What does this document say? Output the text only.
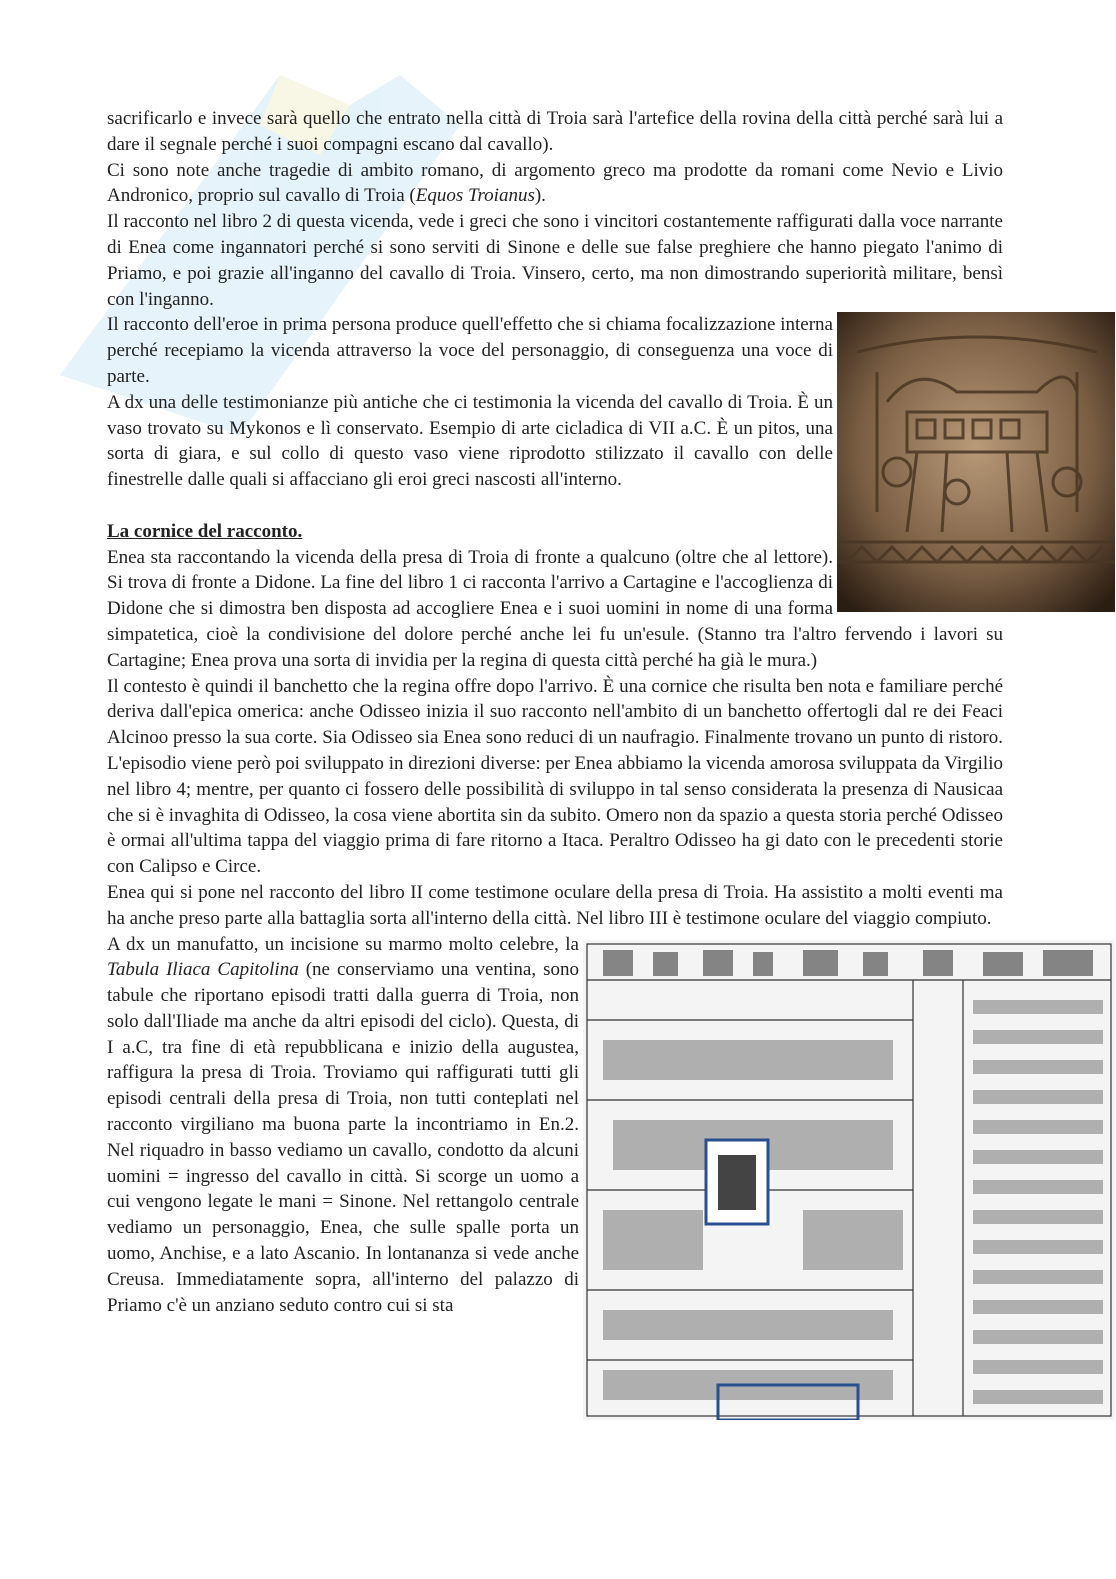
sacrificarlo e invece sarà quello che entrato nella città di Troia sarà l'artefice della rovina della città perché sarà lui a dare il segnale perché i suoi compagni escano dal cavallo).

Ci sono note anche tragedie di ambito romano, di argomento greco ma prodotte da romani come Nevio e Livio Andronico, proprio sul cavallo di Troia (Equos Troianus).

Il racconto nel libro 2 di questa vicenda, vede i greci che sono i vincitori costantemente raffigurati dalla voce narrante di Enea come ingannatori perché si sono serviti di Sinone e delle sue false preghiere che hanno piegato l'animo di Priamo, e poi grazie all'inganno del cavallo di Troia. Vinsero, certo, ma non dimostrando superiorità militare, bensì con l'inganno.

Il racconto dell'eroe in prima persona produce quell'effetto che si chiama focalizzazione interna perché recepiamo la vicenda attraverso la voce del personaggio, di conseguenza una voce di parte.

A dx una delle testimonianze più antiche che ci testimonia la vicenda del cavallo di Troia. È un vaso trovato su Mykonos e lì conservato. Esempio di arte cicladica di VII a.C. È un pitos, una sorta di giara, e sul collo di questo vaso viene riprodotto stilizzato il cavallo con delle finestrelle dalle quali si affacciano gli eroi greci nascosti all'interno.

La cornice del racconto.

Enea sta raccontando la vicenda della presa di Troia di fronte a qualcuno (oltre che al lettore). Si trova di fronte a Didone. La fine del libro 1 ci racconta l'arrivo a Cartagine e l'accoglienza di Didone che si dimostra ben disposta ad accogliere Enea e i suoi uomini in nome di una forma simpatetica, cioè la condivisione del dolore perché anche lei fu un'esule. (Stanno tra l'altro fervendo i lavori su Cartagine; Enea prova una sorta di invidia per la regina di questa città perché ha già le mura.)

Il contesto è quindi il banchetto che la regina offre dopo l'arrivo. È una cornice che risulta ben nota e familiare perché deriva dall'epica omerica: anche Odisseo inizia il suo racconto nell'ambito di un banchetto offertogli dal re dei Feaci Alcinoo presso la sua corte. Sia Odisseo sia Enea sono reduci di un naufragio. Finalmente trovano un punto di ristoro. L'episodio viene però poi sviluppato in direzioni diverse: per Enea abbiamo la vicenda amorosa sviluppata da Virgilio nel libro 4; mentre, per quanto ci fossero delle possibilità di sviluppo in tal senso considerata la presenza di Nausicaa che si è invaghita di Odisseo, la cosa viene abortita sin da subito. Omero non da spazio a questa storia perché Odisseo è ormai all'ultima tappa del viaggio prima di fare ritorno a Itaca. Peraltro Odisseo ha gi dato con le precedenti storie con Calipso e Circe.

Enea qui si pone nel racconto del libro II come testimone oculare della presa di Troia. Ha assistito a molti eventi ma ha anche preso parte alla battaglia sorta all'interno della città. Nel libro III è testimone oculare del viaggio compiuto.

A dx un manufatto, un incisione su marmo molto celebre, la Tabula Iliaca Capitolina (ne conserviamo una ventina, sono tabule che riportano episodi tratti dalla guerra di Troia, non solo dall'Iliade ma anche da altri episodi del ciclo). Questa, di I a.C, tra fine di età repubblicana e inizio della augustea, raffigura la presa di Troia. Troviamo qui raffigurati tutti gli episodi centrali della presa di Troia, non tutti conteplati nel racconto virgiliano ma buona parte la incontriamo in En.2. Nel riquadro in basso vediamo un cavallo, condotto da alcuni uomini = ingresso del cavallo in città. Si scorge un uomo a cui vengono legate le mani = Sinone. Nel rettangolo centrale vediamo un personaggio, Enea, che sulle spalle porta un uomo, Anchise, e a lato Ascanio. In lontananza si vede anche Creusa. Immediatamente sopra, all'interno del palazzo di Priamo c'è un anziano seduto contro cui si sta
